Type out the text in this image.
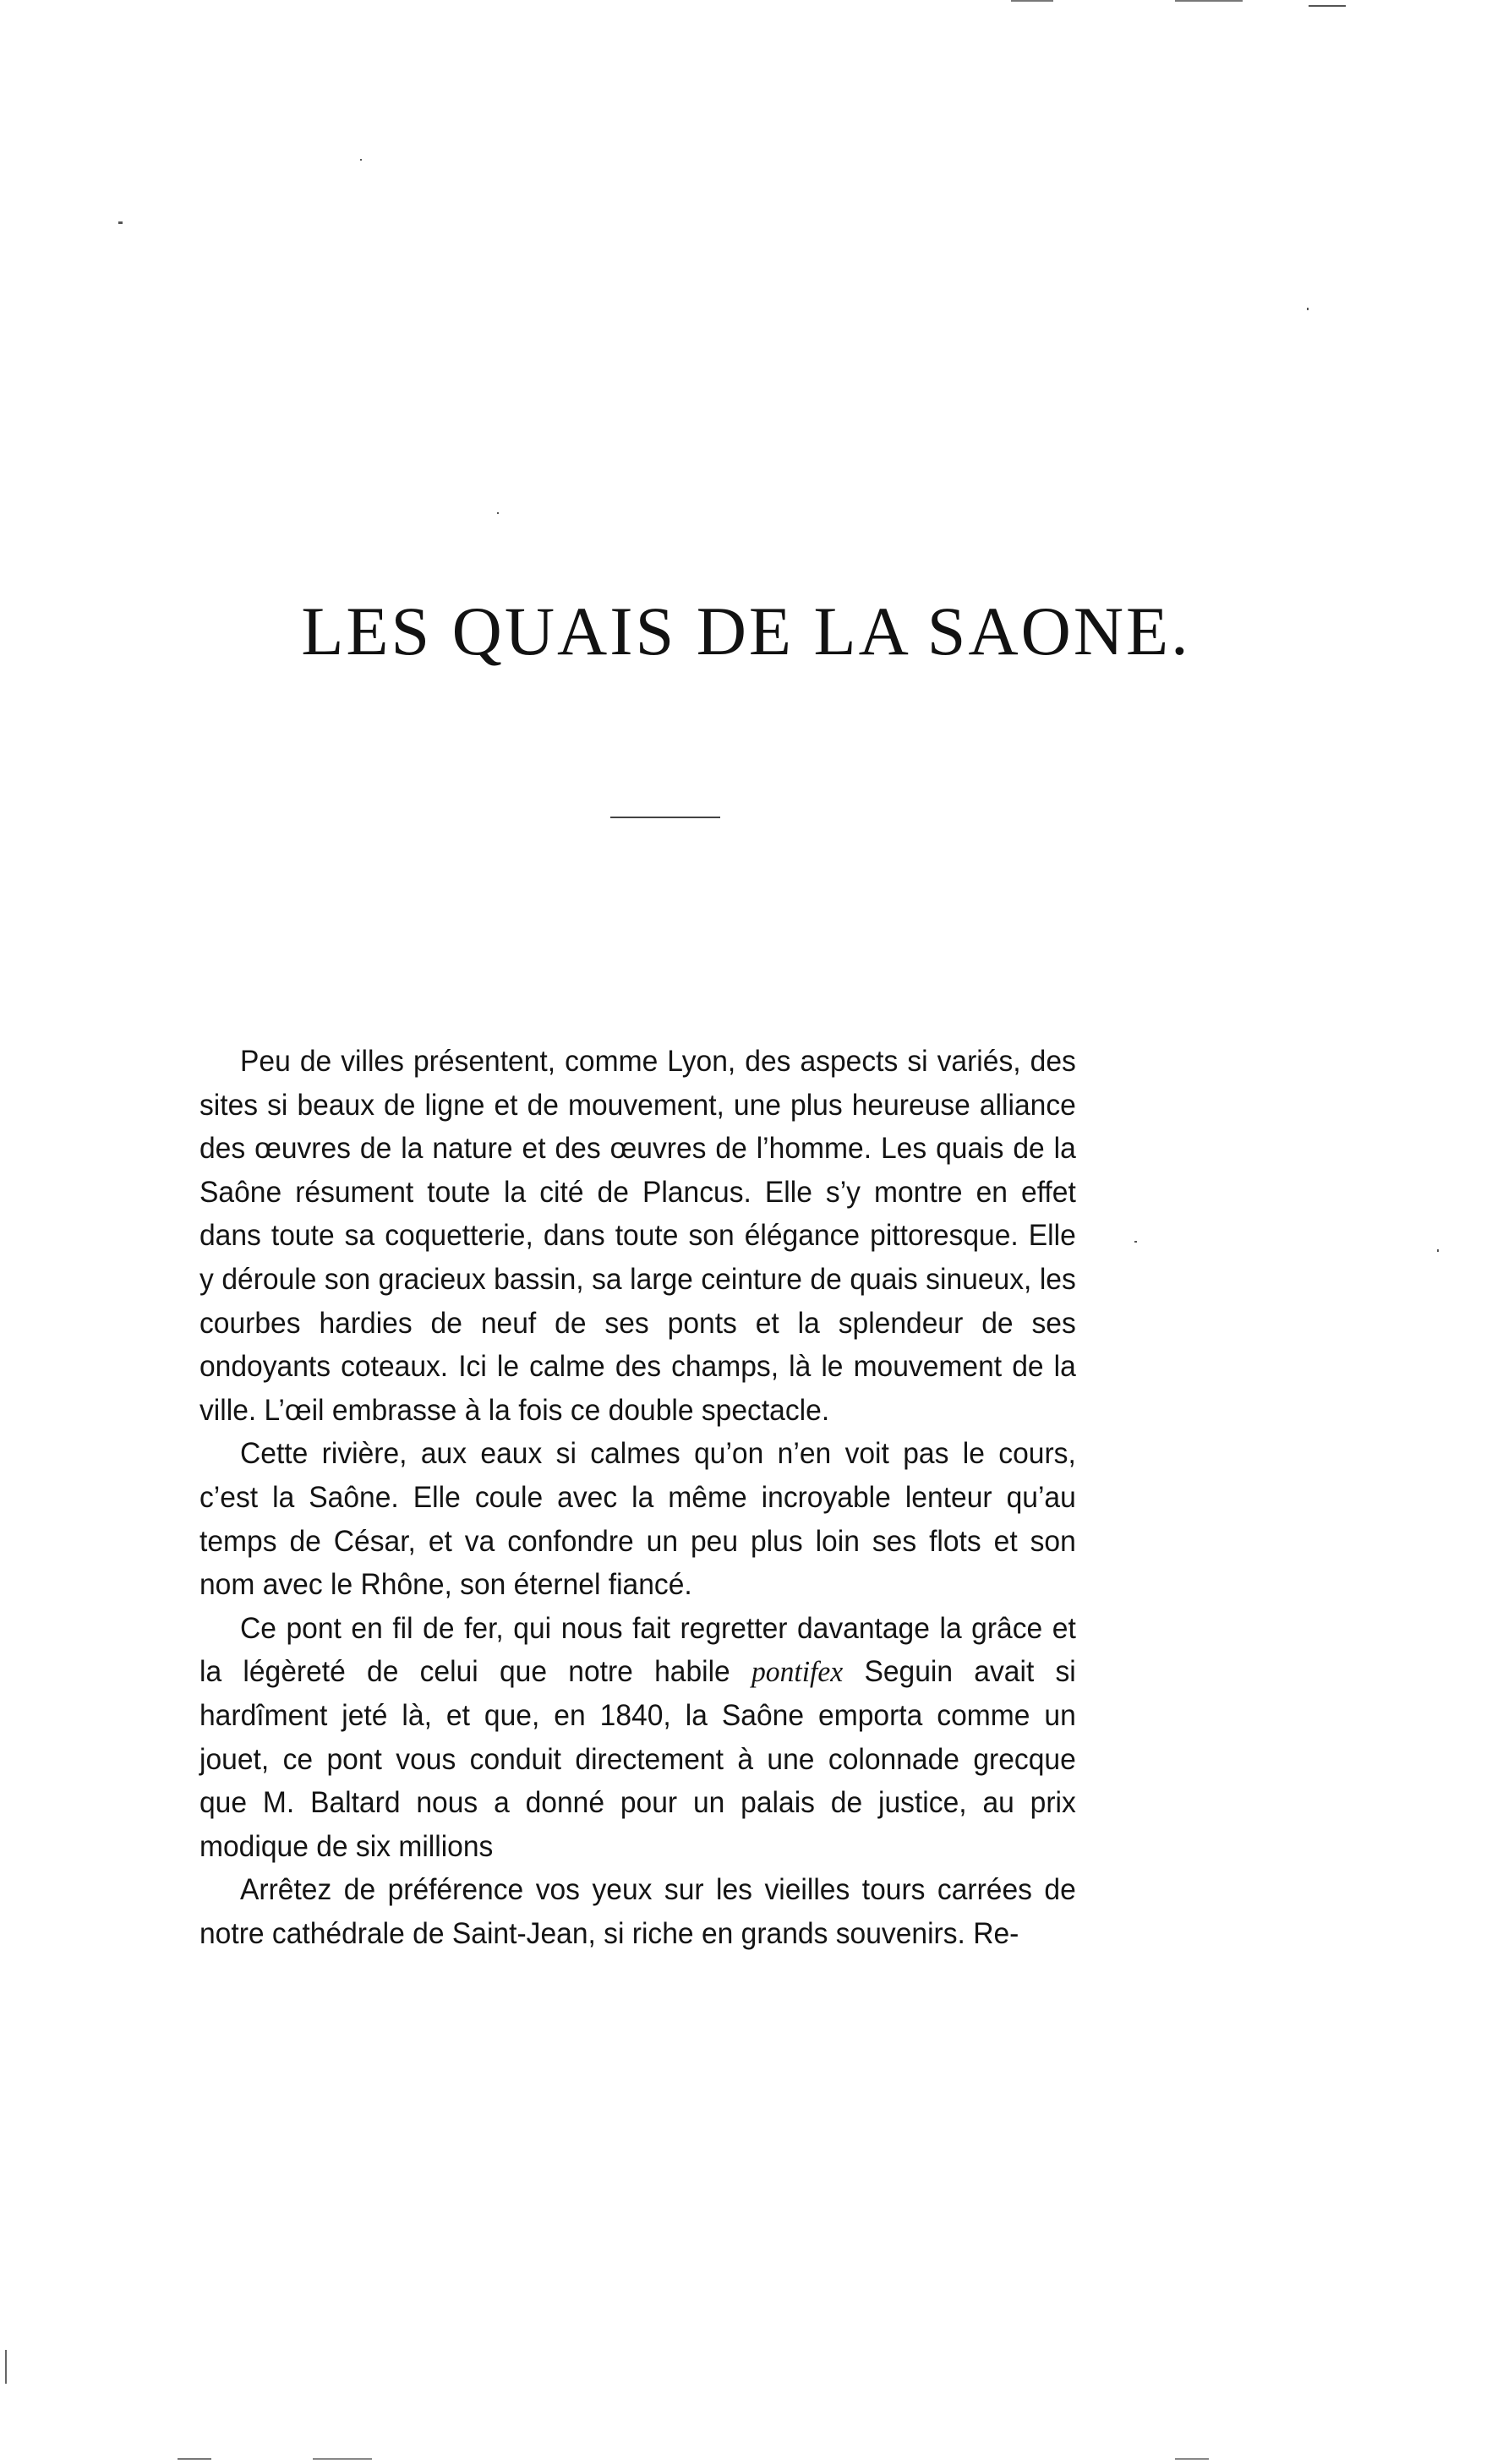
LES QUAIS DE LA SAONE.

Peu de villes présentent, comme Lyon, des aspects si variés, des sites si beaux de ligne et de mouvement, une plus heureuse alliance des œuvres de la nature et des œuvres de l’homme. Les quais de la Saône résument toute la cité de Plancus. Elle s’y montre en effet dans toute sa coquetterie, dans toute son élégance pittoresque. Elle y déroule son gracieux bassin, sa large ceinture de quais sinueux, les courbes hardies de neuf de ses ponts et la splendeur de ses ondoyants coteaux. Ici le calme des champs, là le mouvement de la ville. L’œil embrasse à la fois ce double spectacle.

Cette rivière, aux eaux si calmes qu’on n’en voit pas le cours, c’est la Saône. Elle coule avec la même incroyable lenteur qu’au temps de César, et va confondre un peu plus loin ses flots et son nom avec le Rhône, son éternel fiancé.

Ce pont en fil de fer, qui nous fait regretter davantage la grâce et la légèreté de celui que notre habile pontifex Seguin avait si hardîment jeté là, et que, en 1840, la Saône emporta comme un jouet, ce pont vous conduit directement à une colonnade grecque que M. Baltard nous a donné pour un palais de justice, au prix modique de six millions

Arrêtez de préférence vos yeux sur les vieilles tours carrées de notre cathédrale de Saint-Jean, si riche en grands souvenirs. Re-
